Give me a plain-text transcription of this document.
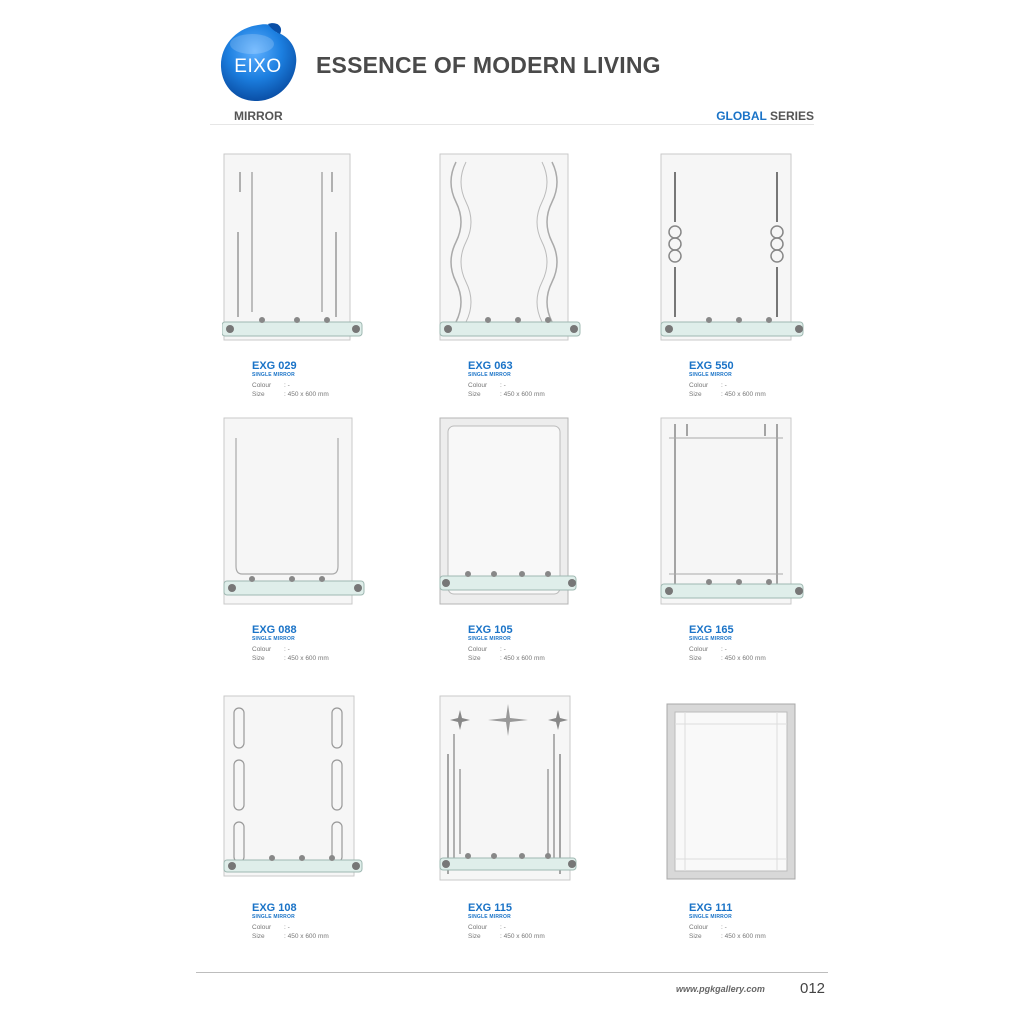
EIXO ESSENCE OF MODERN LIVING
MIRROR	GLOBAL SERIES
EXG 029
SINGLE MIRROR
Colour : -
Size	: 450 x 600 mm
EXG 063
SINGLE MIRROR
Colour : -
Size	: 450 x 600 mm
EXG 550
SINGLE MIRROR
Colour : -
Size	: 450 x 600 mm
EXG 088
SINGLE MIRROR
Colour : -
Size	: 450 x 600 mm
EXG 105
SINGLE MIRROR
Colour : -
Size	: 450 x 600 mm
EXG 165
SINGLE MIRROR
Colour : -
Size	: 450 x 600 mm
EXG 108
SINGLE MIRROR
Colour : -
Size	: 450 x 600 mm
EXG 115
SINGLE MIRROR
Colour : -
Size	: 450 x 600 mm
EXG 111
SINGLE MIRROR
Colour : -
Size	: 450 x 600 mm
www.pgkgallery.com 012
